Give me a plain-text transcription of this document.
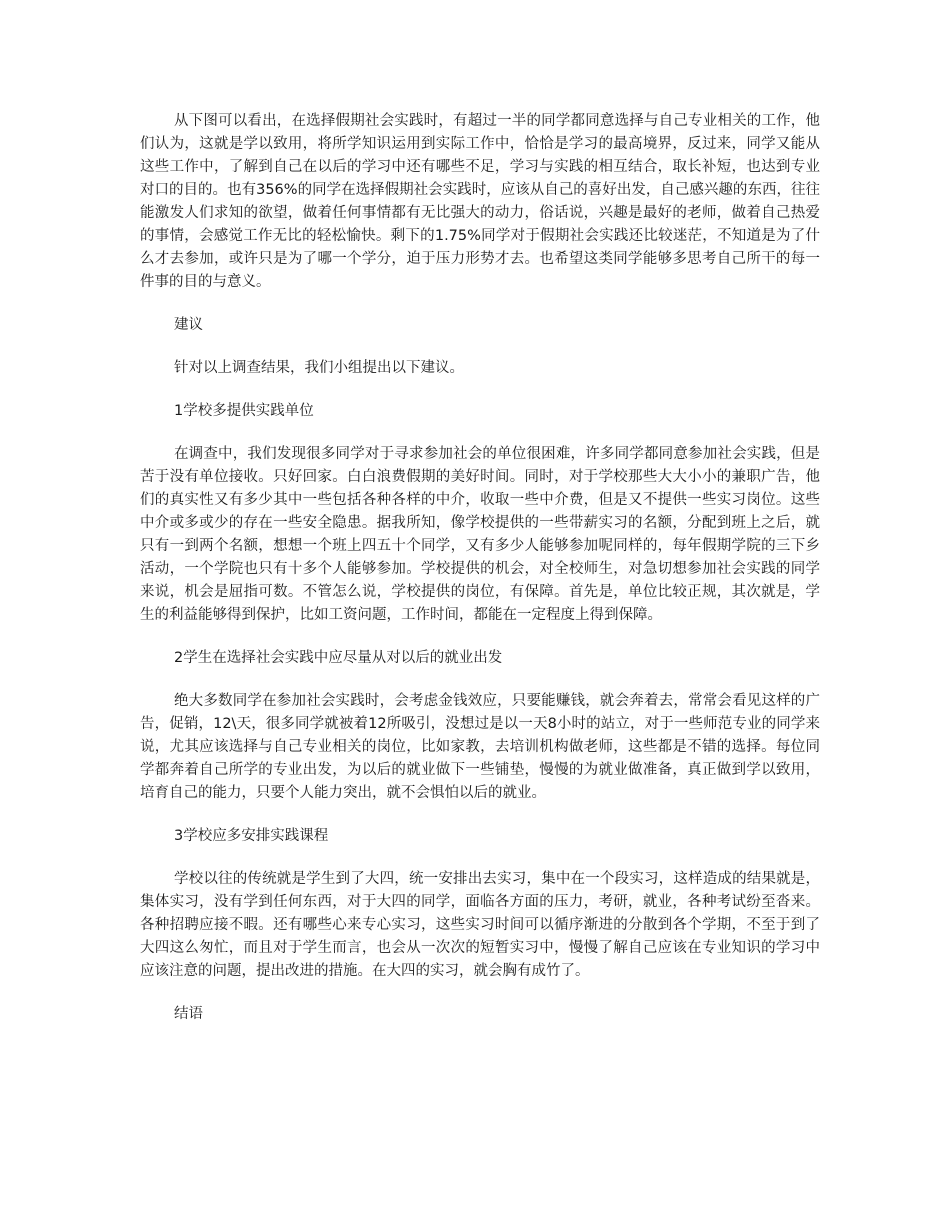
从下图可以看出，在选择假期社会实践时，有超过一半的同学都同意选择与自己专业相关的工作，他们认为，这就是学以致用，将所学知识运用到实际工作中，恰恰是学习的最高境界，反过来，同学又能从这些工作中，了解到自己在以后的学习中还有哪些不足，学习与实践的相互结合，取长补短，也达到专业对口的目的。也有356%的同学在选择假期社会实践时，应该从自己的喜好出发，自己感兴趣的东西，往往能激发人们求知的欲望，做着任何事情都有无比强大的动力，俗话说，兴趣是最好的老师，做着自己热爱的事情，会感觉工作无比的轻松愉快。剩下的1.75%同学对于假期社会实践还比较迷茫，不知道是为了什么才去参加，或许只是为了哪一个学分，迫于压力形势才去。也希望这类同学能够多思考自己所干的每一件事的目的与意义。

建议

针对以上调查结果，我们小组提出以下建议。

1学校多提供实践单位

在调查中，我们发现很多同学对于寻求参加社会的单位很困难，许多同学都同意参加社会实践，但是苦于没有单位接收。只好回家。白白浪费假期的美好时间。同时，对于学校那些大大小小的兼职广告，他们的真实性又有多少其中一些包括各种各样的中介，收取一些中介费，但是又不提供一些实习岗位。这些中介或多或少的存在一些安全隐患。据我所知，像学校提供的一些带薪实习的名额，分配到班上之后，就只有一到两个名额，想想一个班上四五十个同学，又有多少人能够参加呢同样的，每年假期学院的三下乡活动，一个学院也只有十多个人能够参加。学校提供的机会，对全校师生，对急切想参加社会实践的同学来说，机会是屈指可数。不管怎么说，学校提供的岗位，有保障。首先是，单位比较正规，其次就是，学生的利益能够得到保护，比如工资问题，工作时间，都能在一定程度上得到保障。

2学生在选择社会实践中应尽量从对以后的就业出发

绝大多数同学在参加社会实践时，会考虑金钱效应，只要能赚钱，就会奔着去，常常会看见这样的广告，促销，12\天，很多同学就被着12所吸引，没想过是以一天8小时的站立，对于一些师范专业的同学来说，尤其应该选择与自己专业相关的岗位，比如家教，去培训机构做老师，这些都是不错的选择。每位同学都奔着自己所学的专业出发，为以后的就业做下一些铺垫，慢慢的为就业做准备，真正做到学以致用，培育自己的能力，只要个人能力突出，就不会惧怕以后的就业。

3学校应多安排实践课程

学校以往的传统就是学生到了大四，统一安排出去实习，集中在一个段实习，这样造成的结果就是，集体实习，没有学到任何东西，对于大四的同学，面临各方面的压力，考研，就业，各种考试纷至沓来。各种招聘应接不暇。还有哪些心来专心实习，这些实习时间可以循序渐进的分散到各个学期，不至于到了大四这么匆忙，而且对于学生而言，也会从一次次的短暂实习中，慢慢了解自己应该在专业知识的学习中应该注意的问题，提出改进的措施。在大四的实习，就会胸有成竹了。

结语
